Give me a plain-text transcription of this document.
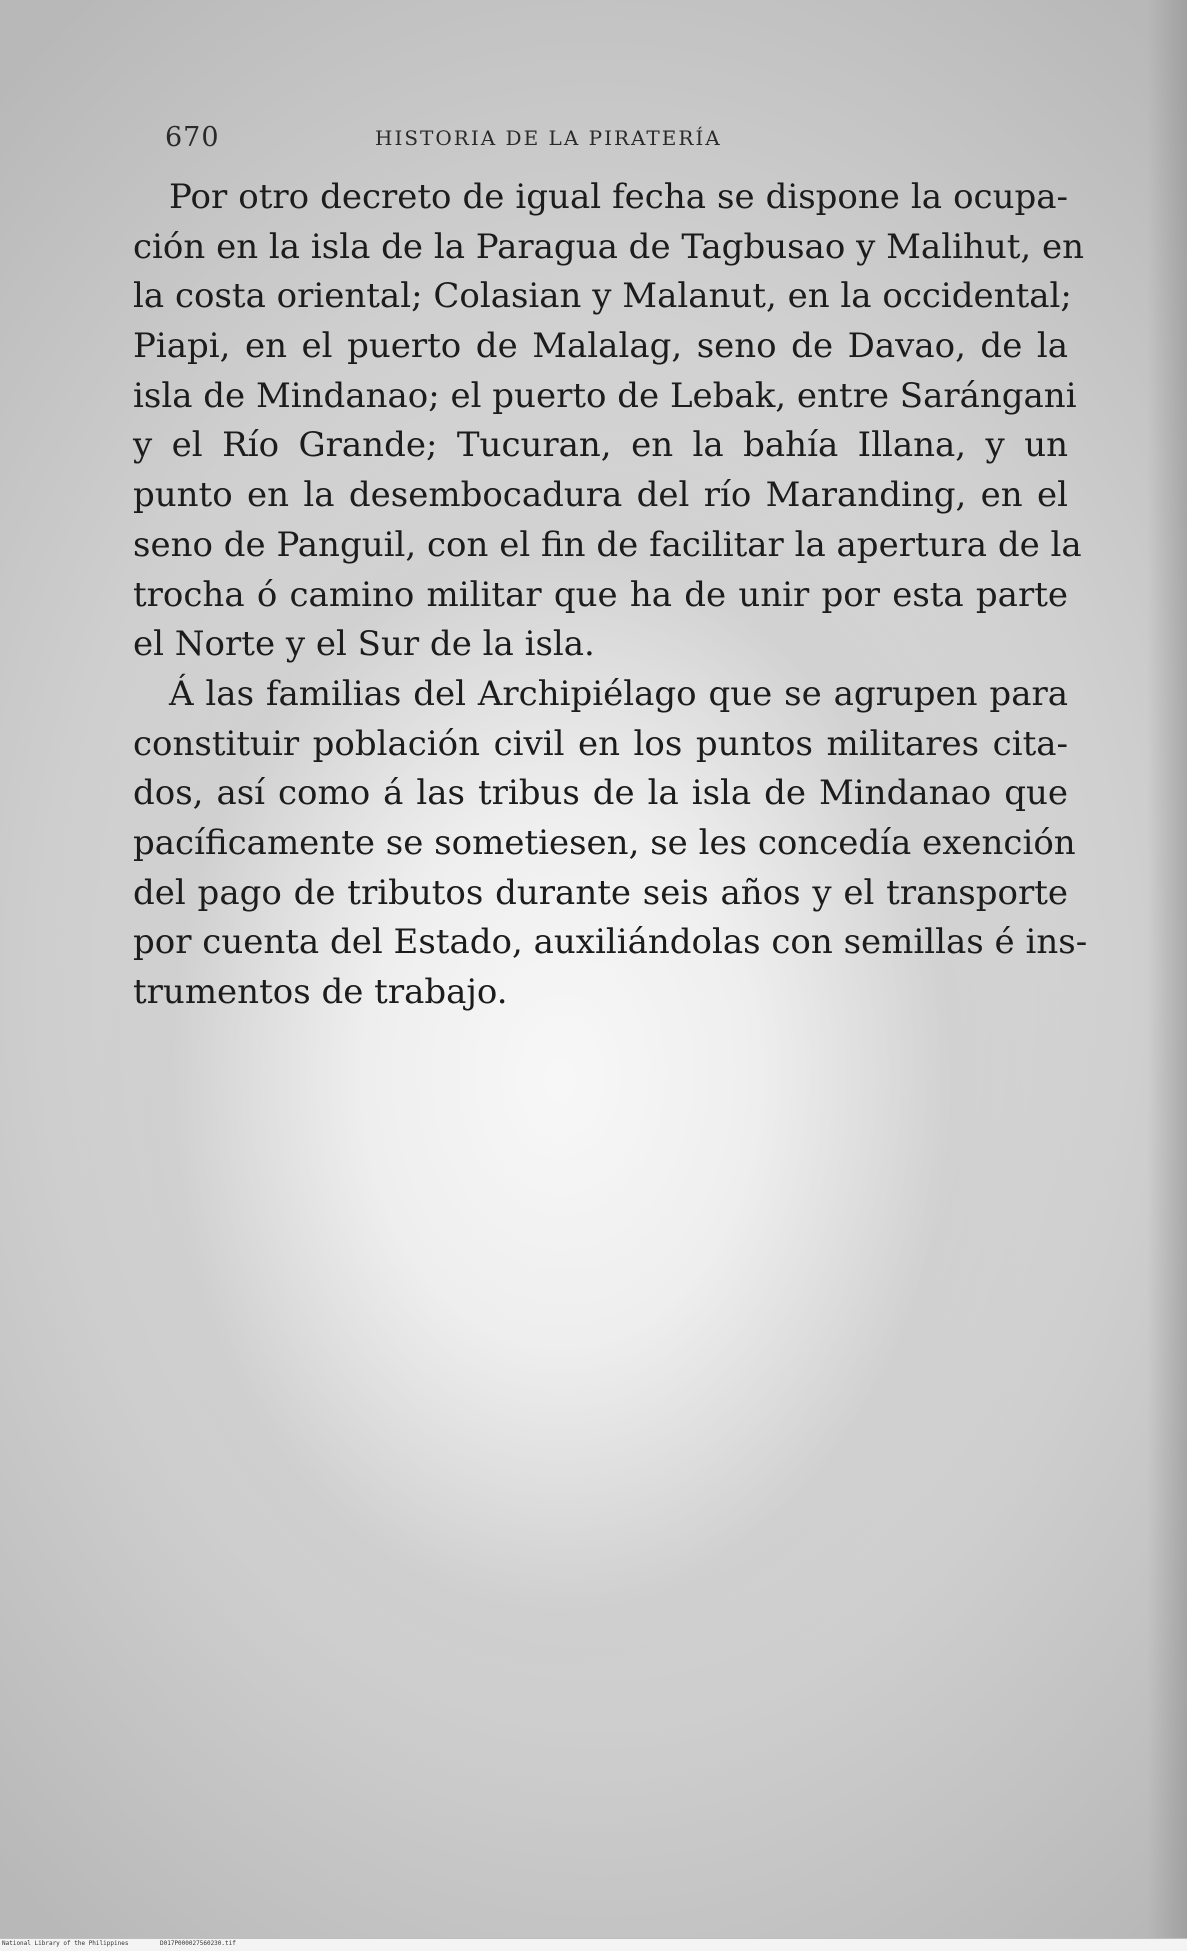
670	HISTORIA DE LA PIRATERÍA
Por otro decreto de igual fecha se dispone la ocupa-
ción en la isla de la Paragua de Tagbusao y Malihut, en
la costa oriental; Colasian y Malanut, en la occidental;
Piapi, en el puerto de Malalag, seno de Davao, de la
isla de Mindanao; el puerto de Lebak, entre Sarángani
y el Río Grande; Tucuran, en la bahía Illana, y un
punto en la desembocadura del río Maranding, en el
seno de Panguil, con el fin de facilitar la apertura de la
trocha ó camino militar que ha de unir por esta parte
el Norte y el Sur de la isla.
Á las familias del Archipiélago que se agrupen para
constituir población civil en los puntos militares cita-
dos, así como á las tribus de la isla de Mindanao que
pacíficamente se sometiesen, se les concedía exención
del pago de tributos durante seis años y el transporte
por cuenta del Estado, auxiliándolas con semillas é ins-
trumentos de trabajo.
National Library of the Philippines	D017P000027560230.tif
